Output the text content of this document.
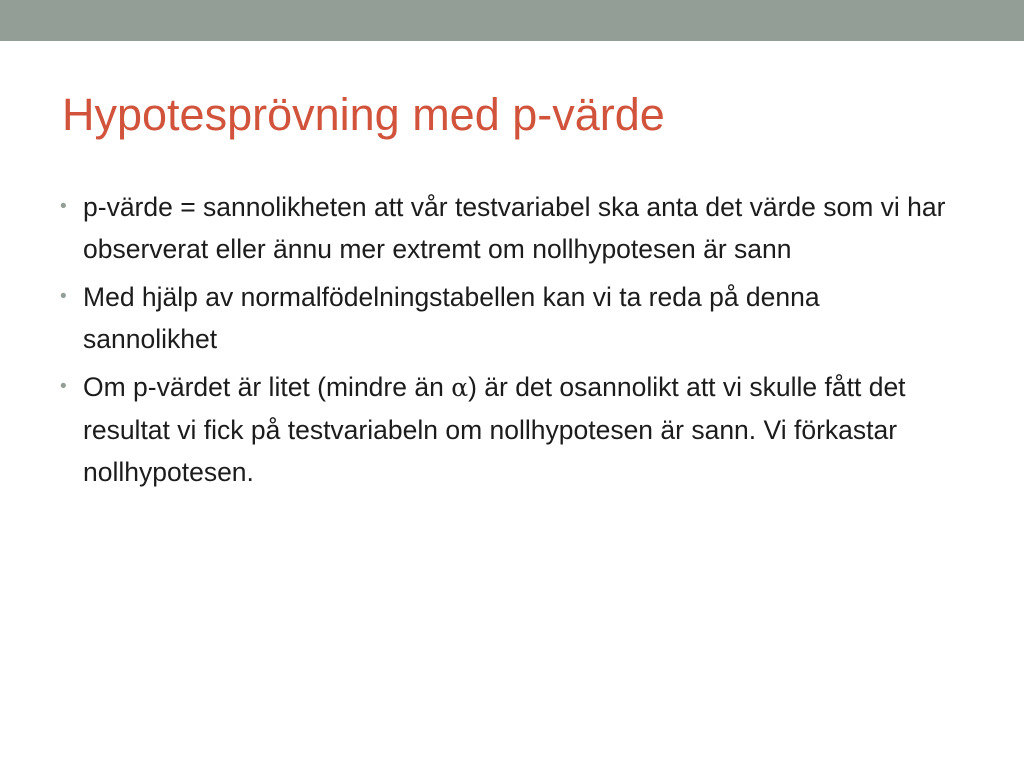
Hypotesprövning med p-värde
• p-värde = sannolikheten att vår testvariabel ska anta det värde som vi har observerat eller ännu mer extremt om nollhypotesen är sann
• Med hjälp av normalfödelningstabellen kan vi ta reda på denna sannolikhet
• Om p-värdet är litet (mindre än α) är det osannolikt att vi skulle fått det resultat vi fick på testvariabeln om nollhypotesen är sann. Vi förkastar nollhypotesen.
